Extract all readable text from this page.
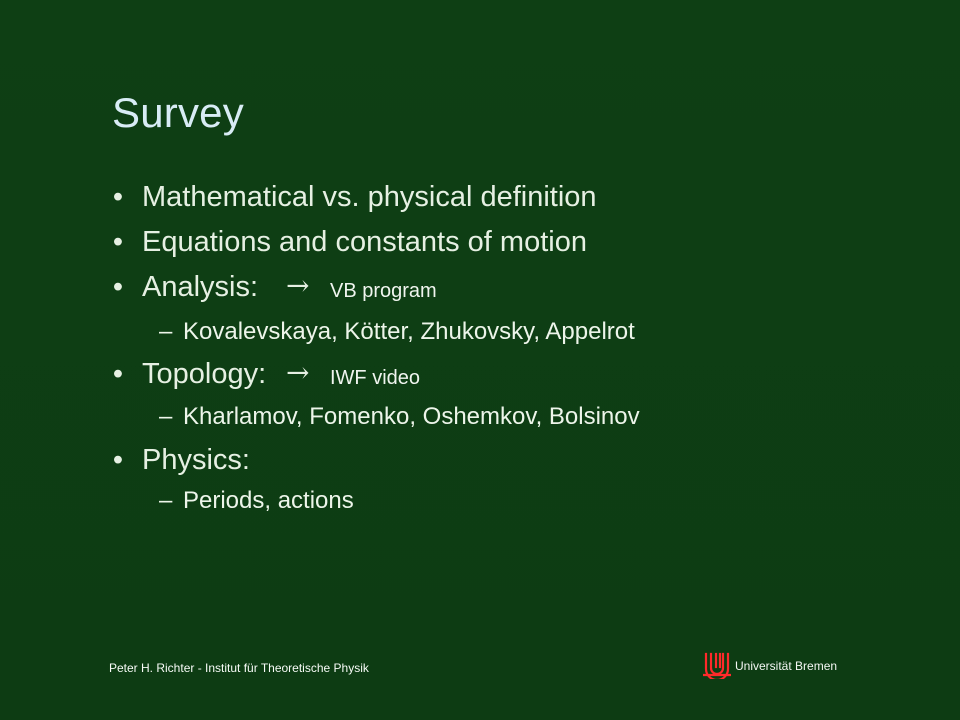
Survey
• Mathematical vs. physical definition
• Equations and constants of motion
• Analysis: → VB program
– Kovalevskaya, Kötter, Zhukovsky, Appelrot
• Topology: → IWF video
– Kharlamov, Fomenko, Oshemkov, Bolsinov
• Physics:
– Periods, actions
Peter H. Richter - Institut für Theoretische Physik	Universität Bremen
